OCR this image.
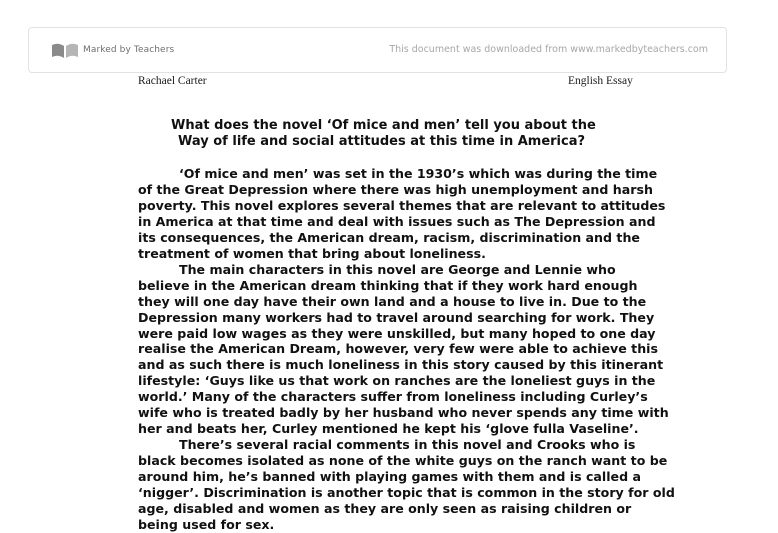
Marked by Teachers	This document was downloaded from www.markedbyteachers.com
Rachael Carter	English Essay
What does the novel ‘Of mice and men’ tell you about the
Way of life and social attitudes at this time in America?
‘Of mice and men’ was set in the 1930’s which was during the time
of the Great Depression where there was high unemployment and harsh
poverty. This novel explores several themes that are relevant to attitudes
in America at that time and deal with issues such as The Depression and
its consequences, the American dream, racism, discrimination and the
treatment of women that bring about loneliness.
The main characters in this novel are George and Lennie who
believe in the American dream thinking that if they work hard enough
they will one day have their own land and a house to live in. Due to the
Depression many workers had to travel around searching for work. They
were paid low wages as they were unskilled, but many hoped to one day
realise the American Dream, however, very few were able to achieve this
and as such there is much loneliness in this story caused by this itinerant
lifestyle: ‘Guys like us that work on ranches are the loneliest guys in the
world.’ Many of the characters suffer from loneliness including Curley’s
wife who is treated badly by her husband who never spends any time with
her and beats her, Curley mentioned he kept his ‘glove fulla Vaseline’.
There’s several racial comments in this novel and Crooks who is
black becomes isolated as none of the white guys on the ranch want to be
around him, he’s banned with playing games with them and is called a
‘nigger’. Discrimination is another topic that is common in the story for old
age, disabled and women as they are only seen as raising children or
being used for sex.
